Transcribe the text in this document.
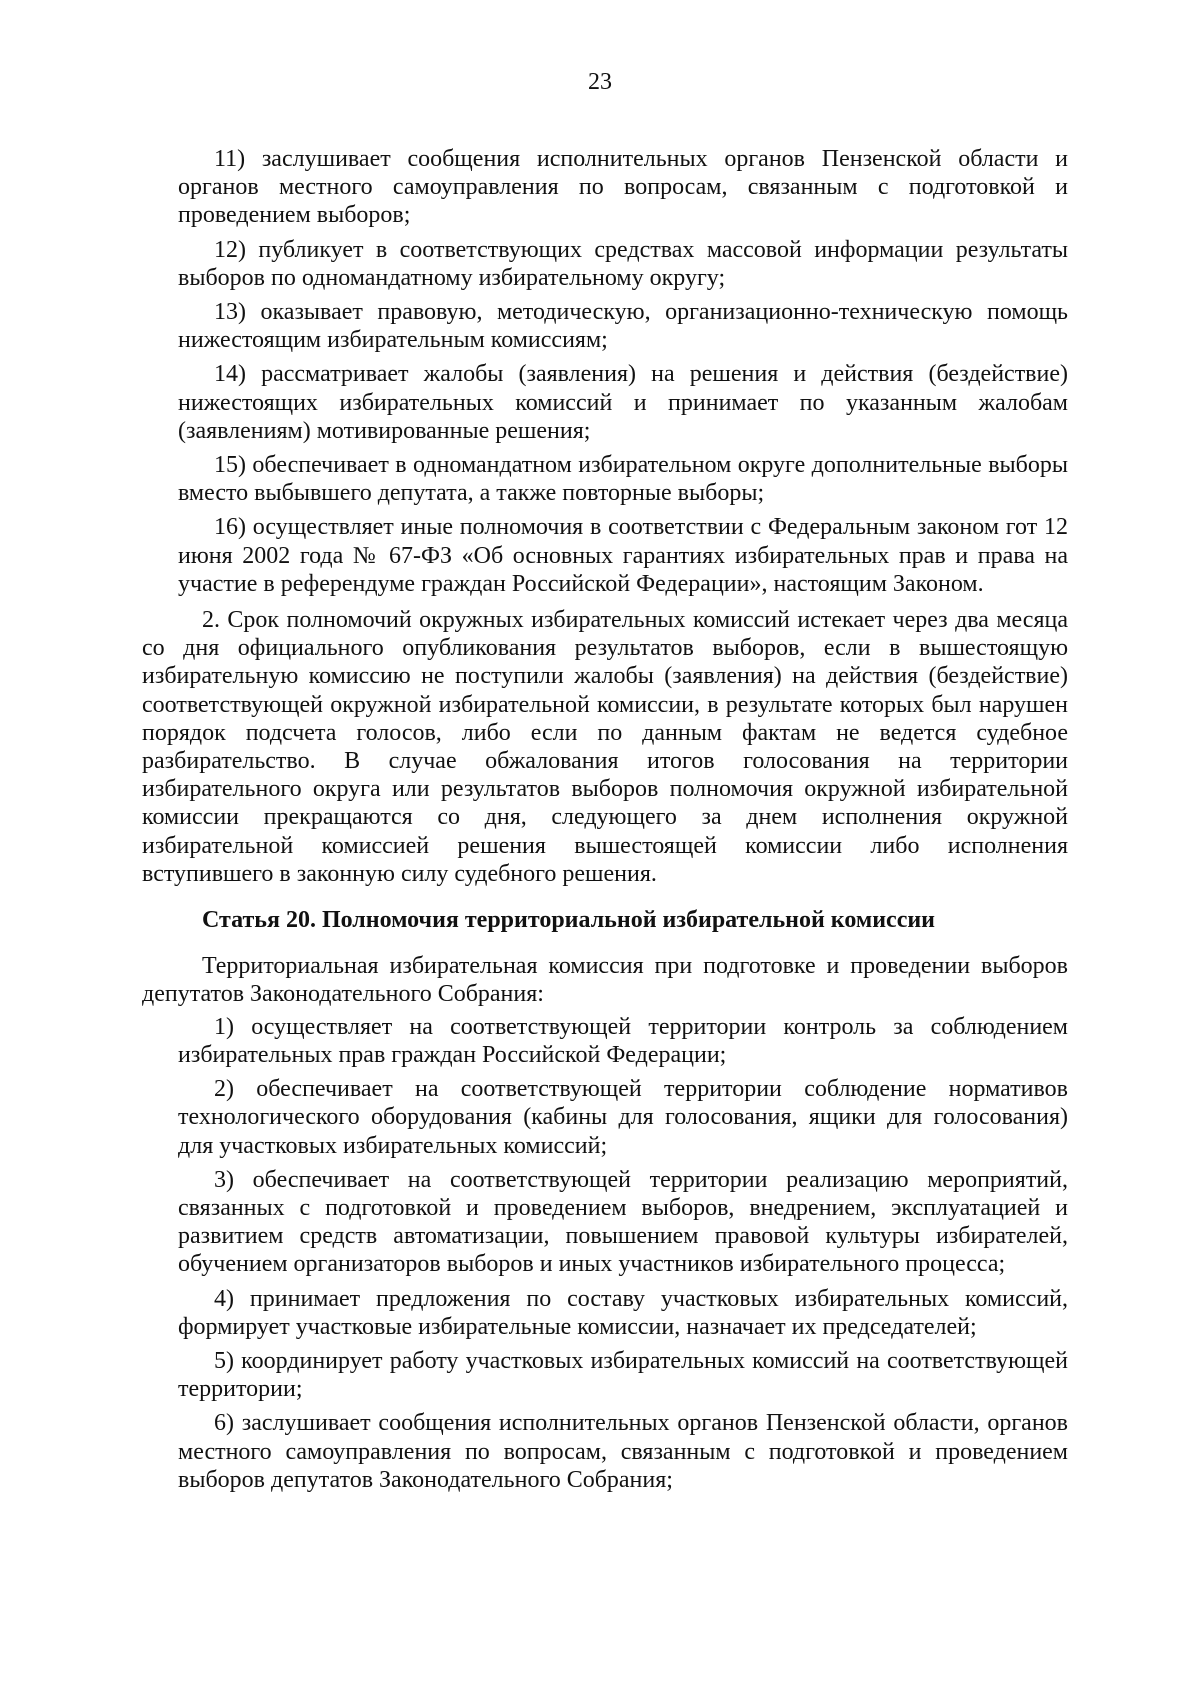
23

11) заслушивает сообщения исполнительных органов Пензенской области и органов местного самоуправления по вопросам, связанным с подготовкой и проведением выборов;

12) публикует в соответствующих средствах массовой информации результаты выборов по одномандатному избирательному округу;

13) оказывает правовую, методическую, организационно-техническую помощь нижестоящим избирательным комиссиям;

14) рассматривает жалобы (заявления) на решения и действия (бездействие) нижестоящих избирательных комиссий и принимает по указанным жалобам (заявлениям) мотивированные решения;

15) обеспечивает в одномандатном избирательном округе дополнительные выборы вместо выбывшего депутата, а также повторные выборы;

16) осуществляет иные полномочия в соответствии с Федеральным законом гот 12 июня 2002 года № 67-ФЗ «Об основных гарантиях избирательных прав и права на участие в референдуме граждан Российской Федерации», настоящим Законом.

2. Срок полномочий окружных избирательных комиссий истекает через два месяца со дня официального опубликования результатов выборов, если в вышестоящую избирательную комиссию не поступили жалобы (заявления) на действия (бездействие) соответствующей окружной избирательной комиссии, в результате которых был нарушен порядок подсчета голосов, либо если по данным фактам не ведется судебное разбирательство. В случае обжалования итогов голосования на территории избирательного округа или результатов выборов полномочия окружной избирательной комиссии прекращаются со дня, следующего за днем исполнения окружной избирательной комиссией решения вышестоящей комиссии либо исполнения вступившего в законную силу судебного решения.

Статья 20. Полномочия территориальной избирательной комиссии

Территориальная избирательная комиссия при подготовке и проведении выборов депутатов Законодательного Собрания:

1) осуществляет на соответствующей территории контроль за соблюдением избирательных прав граждан Российской Федерации;

2) обеспечивает на соответствующей территории соблюдение нормативов технологического оборудования (кабины для голосования, ящики для голосования) для участковых избирательных комиссий;

3) обеспечивает на соответствующей территории реализацию мероприятий, связанных с подготовкой и проведением выборов, внедрением, эксплуатацией и развитием средств автоматизации, повышением правовой культуры избирателей, обучением организаторов выборов и иных участников избирательного процесса;

4) принимает предложения по составу участковых избирательных комиссий, формирует участковые избирательные комиссии, назначает их председателей;

5) координирует работу участковых избирательных комиссий на соответствующей территории;

6) заслушивает сообщения исполнительных органов Пензенской области, органов местного самоуправления по вопросам, связанным с подготовкой и проведением выборов депутатов Законодательного Собрания;
